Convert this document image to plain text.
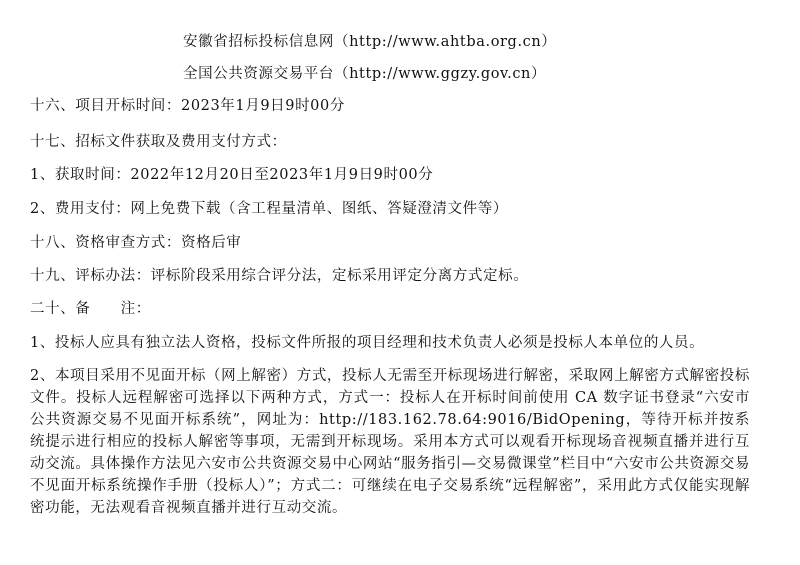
安徽省招标投标信息网（http://www.ahtba.org.cn）
全国公共资源交易平台（http://www.ggzy.gov.cn）
十六、项目开标时间：2023年1月9日9时00分
十七、招标文件获取及费用支付方式：
1、获取时间：2022年12月20日至2023年1月9日9时00分
2、费用支付：网上免费下载（含工程量清单、图纸、答疑澄清文件等）
十八、资格审查方式：资格后审
十九、评标办法：评标阶段采用综合评分法，定标采用评定分离方式定标。
二十、备　　注：
1、投标人应具有独立法人资格，投标文件所报的项目经理和技术负责人必须是投标人本单位的人员。
2、本项目采用不见面开标（网上解密）方式，投标人无需至开标现场进行解密，采取网上解密方式解密投标文件。投标人远程解密可选择以下两种方式，方式一：投标人在开标时间前使用 CA 数字证书登录“六安市公共资源交易不见面开标系统”，网址为：http://183.162.78.64:9016/BidOpening，等待开标并按系统提示进行相应的投标人解密等事项，无需到开标现场。采用本方式可以观看开标现场音视频直播并进行互动交流。具体操作方法见六安市公共资源交易中心网站“服务指引—交易微课堂”栏目中“六安市公共资源交易不见面开标系统操作手册（投标人）”；方式二：可继续在电子交易系统“远程解密”，采用此方式仅能实现解密功能，无法观看音视频直播并进行互动交流。
